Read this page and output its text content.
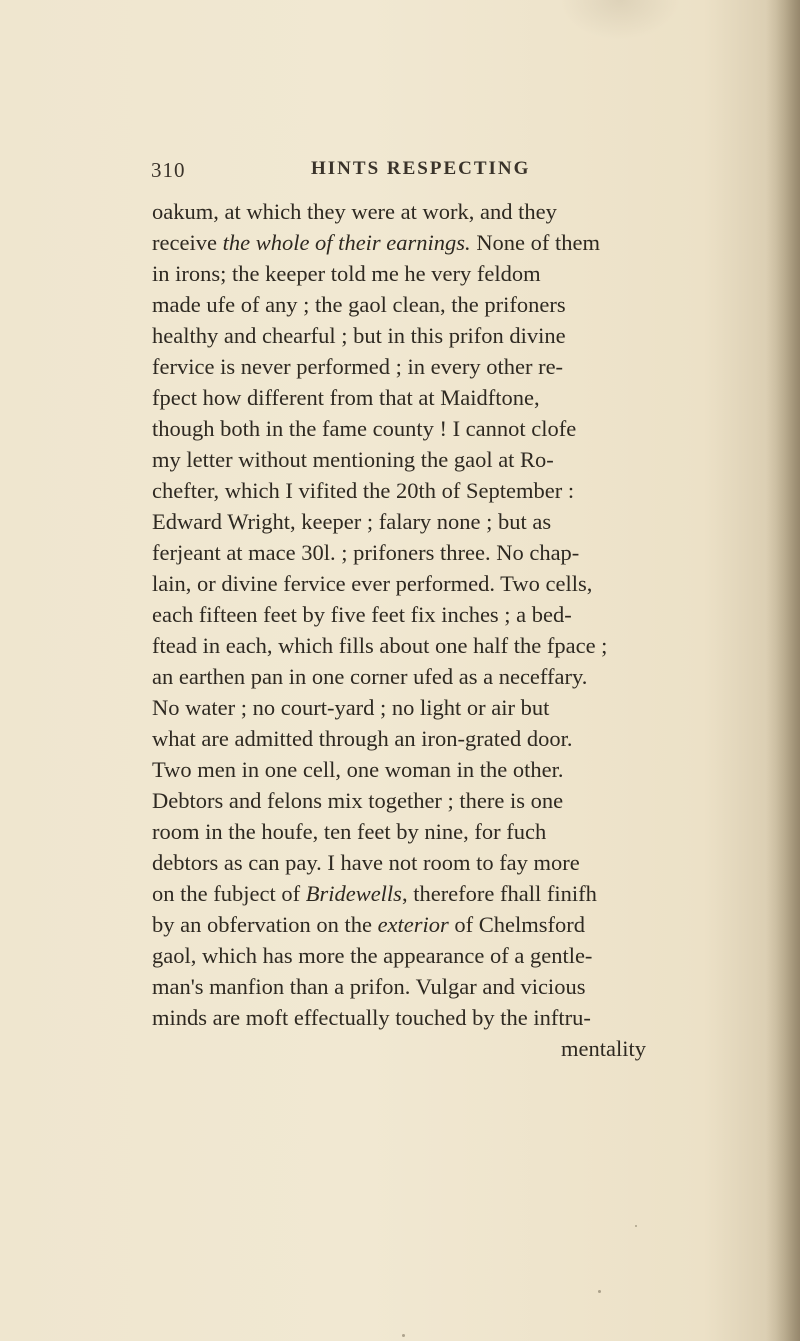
310	HINTS RESPECTING
oakum, at which they were at work, and they
receive the whole of their earnings. None of them
in irons; the keeper told me he very feldom
made ufe of any ; the gaol clean, the prifoners
healthy and chearful ; but in this prifon divine
fervice is never performed ; in every other re-
fpect how different from that at Maidftone,
though both in the fame county ! I cannot clofe
my letter without mentioning the gaol at Ro-
chefter, which I vifited the 20th of September :
Edward Wright, keeper ; falary none ; but as
ferjeant at mace 30l. ; prifoners three. No chap-
lain, or divine fervice ever performed. Two cells,
each fifteen feet by five feet fix inches ; a bed-
ftead in each, which fills about one half the fpace ;
an earthen pan in one corner ufed as a neceffary.
No water ; no court-yard ; no light or air but
what are admitted through an iron-grated door.
Two men in one cell, one woman in the other.
Debtors and felons mix together ; there is one
room in the houfe, ten feet by nine, for fuch
debtors as can pay. I have not room to fay more
on the fubject of Bridewells, therefore fhall finifh
by an obfervation on the exterior of Chelmsford
gaol, which has more the appearance of a gentle-
man's manfion than a prifon. Vulgar and vicious
minds are moft effectually touched by the inftru-
mentality
